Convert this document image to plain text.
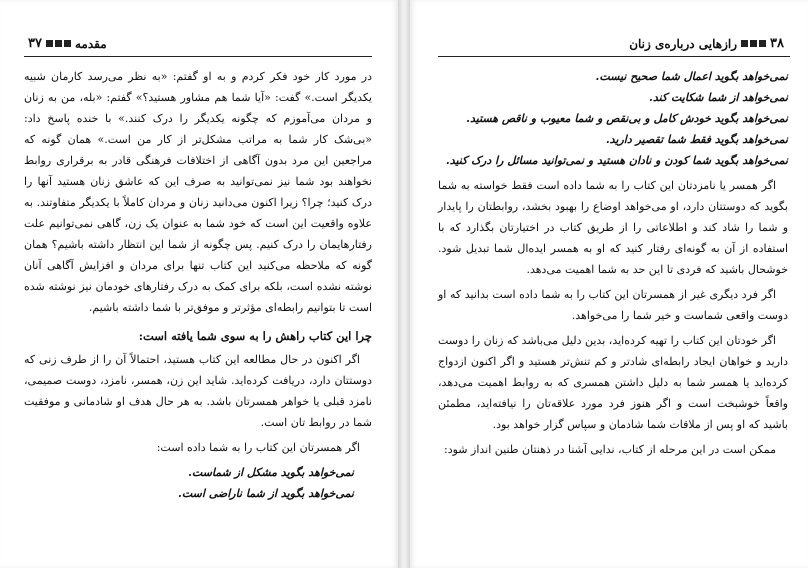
مقدمه
۳۷

در مورد کار خود فکر کردم و به او گفتم: «به نظر می‌رسد کارمان شبیه یکدیگر است.» گفت: «آیا شما هم مشاور هستید؟» گفتم: «بله، من به زنان و مردان می‌آموزم که چگونه یکدیگر را درک کنند.» با خنده پاسخ داد: «بی‌شک کار شما به مراتب مشکل‌تر از کار من است.» همان گونه که مراجعین این مرد بدون آگاهی از اختلافات فرهنگی قادر به برقراری روابط نخواهند بود شما نیز نمی‌توانید به صرف این که عاشق زنان هستید آنها را درک کنید؛ چرا؟ زیرا اکنون می‌دانید زنان و مردان کاملاً با یکدیگر متفاوتند. به علاوه واقعیت این است که خود شما به عنوان یک زن، گاهی نمی‌توانیم علت رفتارهایمان را درک کنیم. پس چگونه از شما این انتظار داشته باشیم؟ همان گونه که ملاحظه می‌کنید این کتاب تنها برای مردان و افزایش آگاهی آنان نوشته نشده است، بلکه برای کمک به درک رفتارهای خودمان نیز نوشته شده است تا بتوانیم رابطه‌ای مؤثرتر و موفق‌تر با شما داشته باشیم.

چرا این کتاب راهش را به سوی شما یافته است:

اگر اکنون در حال مطالعه این کتاب هستید، احتمالاً آن را از طرف زنی که دوستتان دارد، دریافت کرده‌اید. شاید این زن، همسر، نامزد، دوست صمیمی، نامزد قبلی یا خواهر همسرتان باشد. به هر حال هدف او شادمانی و موفقیت شما در روابط تان است.

اگر همسرتان این کتاب را به شما داده است:

نمی‌خواهد بگوید مشکل از شماست.

نمی‌خواهد بگوید از شما ناراضی است.

۳۸
رازهایی درباره‌ی زنان

نمی‌خواهد بگوید اعمال شما صحیح نیست.

نمی‌خواهد از شما شکایت کند.

نمی‌خواهد بگوید خودش کامل و بی‌نقص و شما معیوب و ناقص هستید.

نمی‌خواهد بگوید فقط شما تقصیر دارید.

نمی‌خواهد بگوید شما کودن و نادان هستید و نمی‌توانید مسائل را درک کنید.

اگر همسر یا نامزدتان این کتاب را به شما داده است فقط خواسته به شما بگوید که دوستتان دارد، او می‌خواهد اوضاع را بهبود بخشد، روابطتان را پایدار و شما را شاد کند و اطلاعاتی را از طریق کتاب در اختیارتان بگذارد که با استفاده از آن به گونه‌ای رفتار کنید که او به همسر ایده‌ال شما تبدیل شود. خوشحال باشید که فردی تا این حد به شما اهمیت می‌دهد.

اگر فرد دیگری غیر از همسرتان این کتاب را به شما داده است بدانید که او دوست واقعی شماست و خیر شما را می‌خواهد.

اگر خودتان این کتاب را تهیه کرده‌اید، بدین دلیل می‌باشد که زنان را دوست دارید و خواهان ایجاد رابطه‌ای شادتر و کم تنش‌تر هستید و اگر اکنون ازدواج کرده‌اید یا همسر شما به دلیل داشتن همسری که به روابط اهمیت می‌دهد، واقعاً خوشبخت است و اگر هنوز فرد مورد علاقه‌تان را نیافته‌اید، مطمئن باشید که او پس از ملاقات شما شادمان و سپاس گزار خواهد بود.

ممکن است در این مرحله از کتاب، ندایی آشنا در ذهنتان طنین انداز شود:
